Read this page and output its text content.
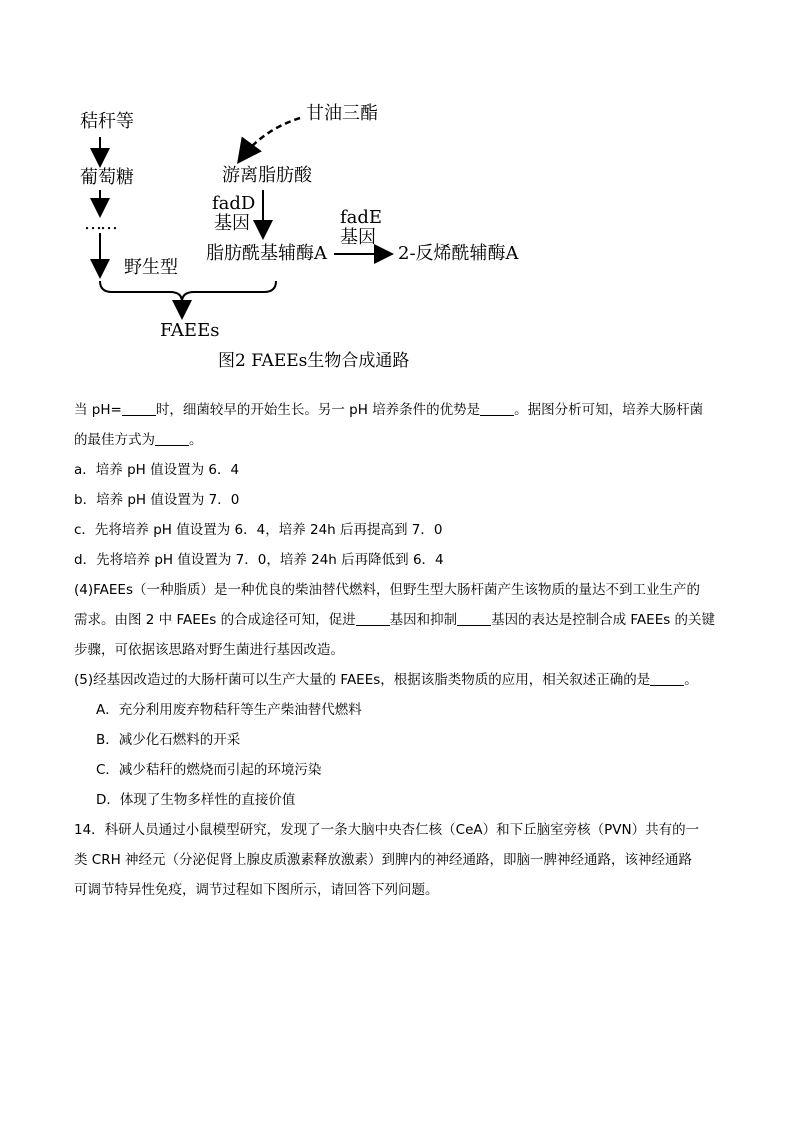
秸秆等
葡萄糖
……
野生型
FAEEs
甘油三酯
游离脂肪酸
fadD
基因
脂肪酰基辅酶A
fadE
基因
2-反烯酰辅酶A
图2 FAEEs生物合成通路
当 pH=	时，细菌较早的开始生长。另一 pH 培养条件的优势是	。据图分析可知，培养大肠杆菌
的最佳方式为	。
a．培养 pH 值设置为 6．4
b．培养 pH 值设置为 7．0
c．先将培养 pH 值设置为 6．4，培养 24h 后再提高到 7．0
d．先将培养 pH 值设置为 7．0，培养 24h 后再降低到 6．4
(4)FAEEs（一种脂质）是一种优良的柴油替代燃料，但野生型大肠杆菌产生该物质的量达不到工业生产的
需求。由图 2 中 FAEEs 的合成途径可知，促进	基因和抑制	基因的表达是控制合成 FAEEs 的关键
步骤，可依据该思路对野生菌进行基因改造。
(5)经基因改造过的大肠杆菌可以生产大量的 FAEEs，根据该脂类物质的应用，相关叙述正确的是	。
A．充分利用废弃物秸秆等生产柴油替代燃料
B．减少化石燃料的开采
C．减少秸秆的燃烧而引起的环境污染
D．体现了生物多样性的直接价值
14．科研人员通过小鼠模型研究，发现了一条大脑中央杏仁核（CeA）和下丘脑室旁核（PVN）共有的一
类 CRH 神经元（分泌促肾上腺皮质激素释放激素）到脾内的神经通路，即脑一脾神经通路，该神经通路
可调节特异性免疫，调节过程如下图所示，请回答下列问题。
